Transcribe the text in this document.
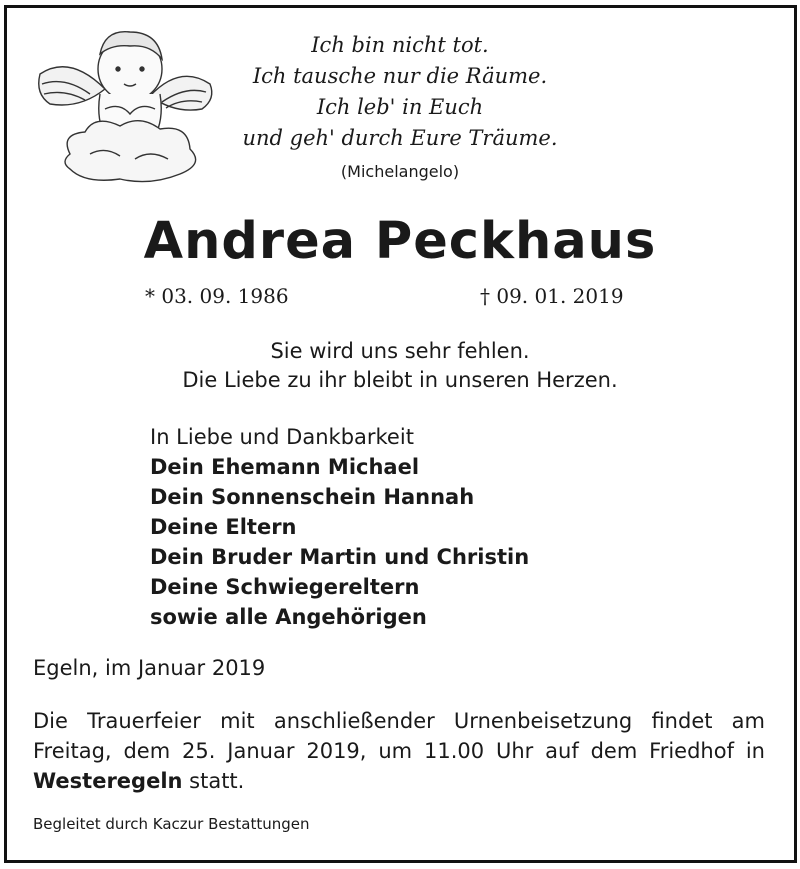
Ich bin nicht tot.
Ich tausche nur die Räume.
Ich leb' in Euch
und geh' durch Eure Träume.
(Michelangelo)
Andrea Peckhaus
* 03. 09. 1986	† 09. 01. 2019
Sie wird uns sehr fehlen.
Die Liebe zu ihr bleibt in unseren Herzen.
In Liebe und Dankbarkeit
Dein Ehemann Michael
Dein Sonnenschein Hannah
Deine Eltern
Dein Bruder Martin und Christin
Deine Schwiegereltern
sowie alle Angehörigen
Egeln, im Januar 2019
Die Trauerfeier mit anschließender Urnenbeisetzung findet am Freitag, dem 25. Januar 2019, um 11.00 Uhr auf dem Friedhof in Westeregeln statt.
Begleitet durch Kaczur Bestattungen
